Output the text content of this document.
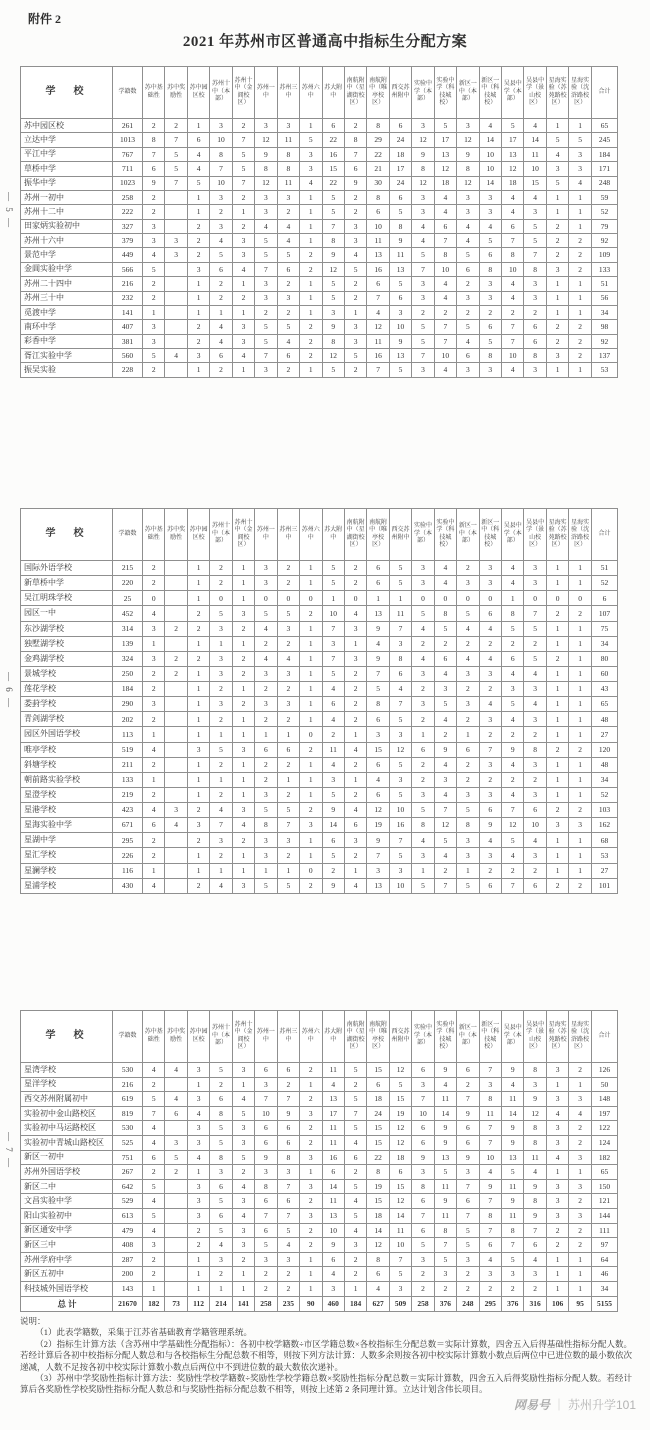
附件 2
2021 年苏州市区普通高中指标生分配方案
— 5 —
— 6 —
— 7 —
学　校	学籍数	苏中基础性	苏中奖励性	苏中园区校	苏州十中（本部）	苏州十中（金阊校区）	苏州一中	苏州三中	苏州六中	苏大附中	南航附中（星湖街校区）	南航附中（唯亭校区）	西交苏州附中	实验中学（本部）	实验中学（科技城校）	新区一中（本部）	新区一中（科技城校）	吴县中学（本部）	吴县中学（景山校区）	星海实验（苏苑路校区）	星海实验（沈浒路校区）	合计
苏中园区校	261	2	2	1	3	2	3	3	1	6	2	8	6	3	5	3	4	5	4	1	1	65
立达中学	1013	8	7	6	10	7	12	11	5	22	8	29	24	12	17	12	14	17	14	5	5	245
平江中学	767	7	5	4	8	5	9	8	3	16	7	22	18	9	13	9	10	13	11	4	3	184
草桥中学	711	6	5	4	7	5	8	8	3	15	6	21	17	8	12	8	10	12	10	3	3	171
振华中学	1023	9	7	5	10	7	12	11	4	22	9	30	24	12	18	12	14	18	15	5	4	248
苏州一初中	258	2		1	3	2	3	3	1	5	2	8	6	3	4	3	3	4	4	1	1	59
苏州十二中	222	2		1	2	1	3	2	1	5	2	6	5	3	4	3	3	4	3	1	1	52
田家炳实验初中	327	3		2	3	2	4	4	1	7	3	10	8	4	6	4	4	6	5	2	1	79
苏州十六中	379	3	3	2	4	3	5	4	1	8	3	11	9	4	7	4	5	7	5	2	2	92
景范中学	449	4	3	2	5	3	5	5	2	9	4	13	11	5	8	5	6	8	7	2	2	109
金阊实验中学	566	5		3	6	4	7	6	2	12	5	16	13	7	10	6	8	10	8	3	2	133
苏州二十四中	216	2		1	2	1	3	2	1	5	2	6	5	3	4	2	3	4	3	1	1	51
苏州三十中	232	2		1	2	2	3	3	1	5	2	7	6	3	4	3	3	4	3	1	1	56
觅渡中学	141	1		1	1	1	2	2	1	3	1	4	3	2	2	2	2	2	2	1	1	34
南环中学	407	3		2	4	3	5	5	2	9	3	12	10	5	7	5	6	7	6	2	2	98
彩香中学	381	3		2	4	3	5	4	2	8	3	11	9	5	7	4	5	7	6	2	2	92
胥江实验中学	560	5	4	3	6	4	7	6	2	12	5	16	13	7	10	6	8	10	8	3	2	137
振吴实验	228	2		1	2	1	3	2	1	5	2	7	5	3	4	3	3	4	3	1	1	53
学　校	学籍数	苏中基础性	苏中奖励性	苏中园区校	苏州十中（本部）	苏州十中（金阊校区）	苏州一中	苏州三中	苏州六中	苏大附中	南航附中（星湖街校区）	南航附中（唯亭校区）	西交苏州附中	实验中学（本部）	实验中学（科技城校）	新区一中（本部）	新区一中（科技城校）	吴县中学（本部）	吴县中学（景山校区）	星海实验（苏苑路校区）	星海实验（沈浒路校区）	合计
国际外语学校	215	2		1	2	1	3	2	1	5	2	6	5	3	4	2	3	4	3	1	1	51
新草桥中学	220	2		1	2	1	3	2	1	5	2	6	5	3	4	3	3	4	3	1	1	52
吴江明珠学校	25	0		1	0	1	0	0	0	1	0	1	1	0	0	0	0	1	0	0	0	6
园区一中	452	4		2	5	3	5	5	2	10	4	13	11	5	8	5	6	8	7	2	2	107
东沙湖学校	314	3	2	2	3	2	4	3	1	7	3	9	7	4	5	4	4	5	5	1	1	75
独墅湖学校	139	1		1	1	1	2	2	1	3	1	4	3	2	2	2	2	2	2	1	1	34
金鸡湖学校	324	3	2	2	3	2	4	4	1	7	3	9	8	4	6	4	4	6	5	2	1	80
景城学校	250	2	2	1	3	2	3	3	1	5	2	7	6	3	4	3	3	4	4	1	1	60
莲花学校	184	2		1	2	1	2	2	1	4	2	5	4	2	3	2	2	3	3	1	1	43
娄葑学校	290	3		1	3	2	3	3	1	6	2	8	7	3	5	3	4	5	4	1	1	65
青剑湖学校	202	2		1	2	1	2	2	1	4	2	6	5	2	4	2	3	4	3	1	1	48
园区外国语学校	113	1		1	1	1	1	1	0	2	1	3	3	1	2	1	2	2	2	1	1	27
唯亭学校	519	4		3	5	3	6	6	2	11	4	15	12	6	9	6	7	9	8	2	2	120
斜塘学校	211	2		1	2	1	2	2	1	4	2	6	5	2	4	2	3	4	3	1	1	48
朝前路实验学校	133	1		1	1	1	2	1	1	3	1	4	3	2	3	2	2	2	2	1	1	34
星澄学校	219	2		1	2	1	3	2	1	5	2	6	5	3	4	3	3	4	3	1	1	52
星港学校	423	4	3	2	4	3	5	5	2	9	4	12	10	5	7	5	6	7	6	2	2	103
星海实验中学	671	6	4	3	7	4	8	7	3	14	6	19	16	8	12	8	9	12	10	3	3	162
星湖中学	295	2		2	3	2	3	3	1	6	3	9	7	4	5	3	4	5	4	1	1	68
星汇学校	226	2		1	2	1	3	2	1	5	2	7	5	3	4	3	3	4	3	1	1	53
星澜学校	116	1		1	1	1	1	1	0	2	1	3	3	1	2	1	2	2	2	1	1	27
星浦学校	430	4		2	4	3	5	5	2	9	4	13	10	5	7	5	6	7	6	2	2	101
学　校	学籍数	苏中基础性	苏中奖励性	苏中园区校	苏州十中（本部）	苏州十中（金阊校区）	苏州一中	苏州三中	苏州六中	苏大附中	南航附中（星湖街校区）	南航附中（唯亭校区）	西交苏州附中	实验中学（本部）	实验中学（科技城校）	新区一中（本部）	新区一中（科技城校）	吴县中学（本部）	吴县中学（景山校区）	星海实验（苏苑路校区）	星海实验（沈浒路校区）	合计
星湾学校	530	4	4	3	5	3	6	6	2	11	5	15	12	6	9	6	7	9	8	3	2	126
星洋学校	216	2		1	2	1	3	2	1	4	2	6	5	3	4	2	3	4	3	1	1	50
西交苏州附属初中	619	5	4	3	6	4	7	7	2	13	5	18	15	7	11	7	8	11	9	3	3	148
实验初中金山路校区	819	7	6	4	8	5	10	9	3	17	7	24	19	10	14	9	11	14	12	4	4	197
实验初中马运路校区	530	4		3	5	3	6	6	2	11	5	15	12	6	9	6	7	9	8	3	2	122
实验初中青城山路校区	525	4	3	3	5	3	6	6	2	11	4	15	12	6	9	6	7	9	8	3	2	124
新区一初中	751	6	5	4	8	5	9	8	3	16	6	22	18	9	13	9	10	13	11	4	3	182
苏州外国语学校	267	2	2	1	3	2	3	3	1	6	2	8	6	3	5	3	4	5	4	1	1	65
新区二中	642	5		3	6	4	8	7	3	14	5	19	15	8	11	7	9	11	9	3	3	150
文昌实验中学	529	4		3	5	3	6	6	2	11	4	15	12	6	9	6	7	9	8	3	2	121
阳山实验初中	613	5		3	6	4	7	7	3	13	5	18	14	7	11	7	8	11	9	3	3	144
新区通安中学	479	4		2	5	3	6	5	2	10	4	14	11	6	8	5	7	8	7	2	2	111
新区三中	408	3		2	4	3	5	4	2	9	3	12	10	5	7	5	6	7	6	2	2	97
苏州学府中学	287	2		1	3	2	3	3	1	6	2	8	7	3	5	3	4	5	4	1	1	64
新区五初中	200	2		1	2	1	2	2	1	4	2	6	5	2	3	2	3	3	3	1	1	46
科技城外国语学校	143	1		1	1	1	2	2	1	3	1	4	3	2	2	2	2	2	2	1	1	34
总计	21670	182	73	112	214	141	258	235	90	460	184	627	509	258	376	248	295	376	316	106	95	5155

说明：

（1）此表学籍数，采集于江苏省基础教育学籍管理系统。

（2）指标生计算方法（含苏州中学基础性分配指标）：各初中校学籍数÷市区学籍总数×各校指标生分配总数＝实际计算数，四舍五入后得基础性指标分配人数。若经计算后各初中校指标分配人数总和与各校指标生分配总数不相等，则按下列方法计算：人数多余则按各初中校实际计算数小数点后两位中已进位数的最小数依次递减，人数不足按各初中校实际计算数小数点后两位中不到进位数的最大数依次递补。

（3）苏州中学奖励性指标计算方法：奖励性学校学籍数÷奖励性学校学籍总数×奖励性指标分配总数＝实际计算数，四舍五入后得奖励性指标分配人数。若经计算后各奖励性学校奖励性指标分配人数总和与奖励性指标分配总数不相等，则按上述第 2 条同理计算。立达计划含伟长项目。

网易号 ｜ 苏州升学101
